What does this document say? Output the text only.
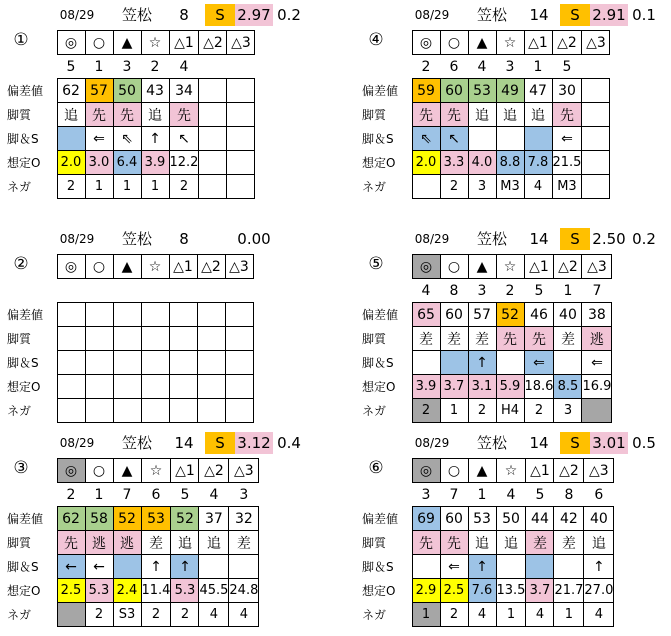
08/29	笠松	8	S 2.97 0.2
①
		◎	○	▲	☆	△1	△2	△3
	5	1	3	2	4		
偏差値	62	57	50	43	34		
脚質	追	先	先	追	先		
脚＆S		⇐	⇖	↑	↖		
想定O	2.0	3.0	6.4	3.9	12.2		
ネガ	2	1	1	1	2		
08/29	笠松	14	S 2.91 0.1
④
		◎	○	▲	☆	△1	△2	△3
	2	6	4	3	1	5	
偏差値	59	60	53	49	47	30	
脚質	先	先	追	追	追	先	
脚＆S	⇖	↖				⇐	
想定O	2.0	3.3	4.0	8.8	7.8	21.5	
ネガ		2	3	M3	4	M3	
08/29	笠松	8	0.00
②
		◎	○	▲	☆	△1	△2	△3

偏差値							
脚質							
脚＆S							
想定O							
ネガ							
08/29	笠松	14	S 2.50 0.2
⑤
		◎	○	▲	☆	△1	△2	△3
	4	8	3	2	5	1	7
偏差値	65	60	57	52	46	40	38
脚質	差	差	差	先	先	差	逃
脚＆S			↑		⇐		⇐
想定O	3.9	3.7	3.1	5.9	18.6	8.5	16.9
ネガ	2	1	2	H4	2	3	
08/29	笠松	14	S 3.12 0.4
③
		◎	○	▲	☆	△1	△2	△3
	2	1	7	6	5	4	3
偏差値	62	58	52	53	52	37	32
脚質	先	逃	逃	差	追	追	差
脚＆S	←	←		↑	↑		
想定O	2.5	5.3	2.4	11.4	5.3	45.5	24.8
ネガ		2	S3	2	2	4	4
08/29	笠松	14	S 3.01 0.5
⑥
		◎	○	▲	☆	△1	△2	△3
	3	7	1	4	5	8	6
偏差値	69	60	53	50	44	42	40
脚質	先	先	追	追	差	差	追
脚＆S		⇐	↑				↑
想定O	2.9	2.5	7.6	13.5	3.7	21.7	27.0
ネガ	1	2	4	1	4	1	4
